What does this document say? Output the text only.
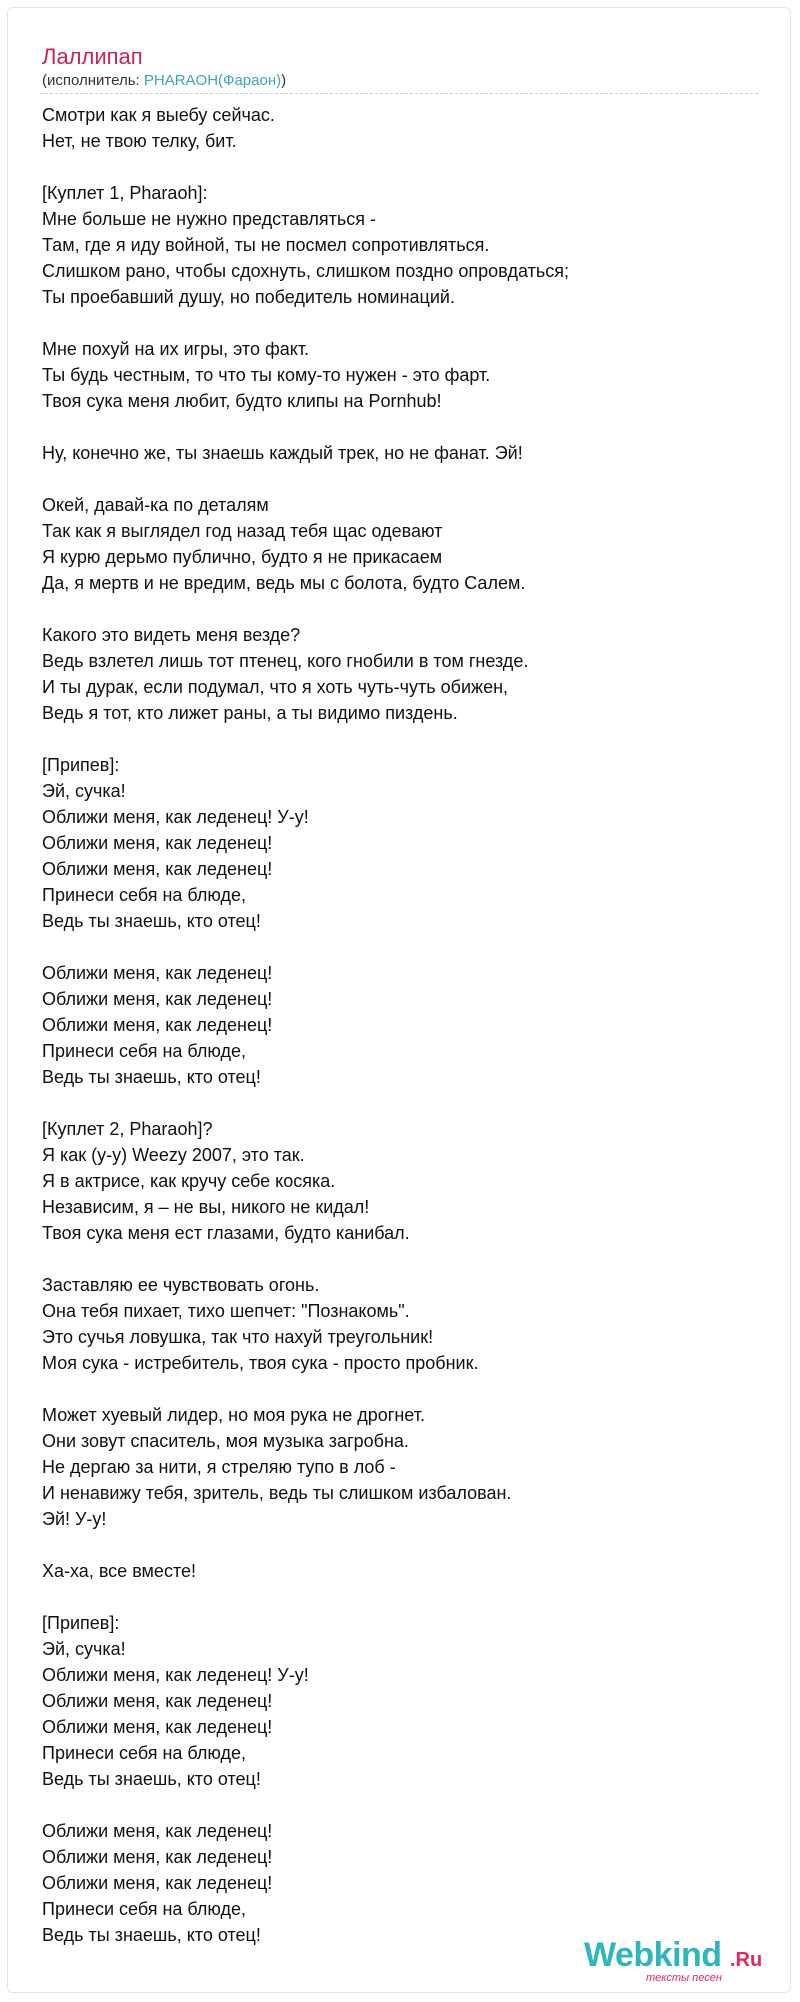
Лаллипап
(исполнитель: PHARAOH(Фараон))
Смотри как я выебу сейчас.
Нет, не твою телку, бит.
[Куплет 1, Pharaoh]:
Мне больше не нужно представляться -
Там, где я иду войной, ты не посмел сопротивляться.
Слишком рано, чтобы сдохнуть, слишком поздно опровдаться;
Ты проебавший душу, но победитель номинаций.
Мне похуй на их игры, это факт.
Ты будь честным, то что ты кому-то нужен - это фарт.
Твоя сука меня любит, будто клипы на Pornhub!
Ну, конечно же, ты знаешь каждый трек, но не фанат. Эй!
Окей, давай-ка по деталям
Так как я выглядел год назад тебя щас одевают
Я курю дерьмо публично, будто я не прикасаем
Да, я мертв и не вредим, ведь мы с болота, будто Салем.
Какого это видеть меня везде?
Ведь взлетел лишь тот птенец, кого гнобили в том гнезде.
И ты дурак, если подумал, что я хоть чуть-чуть обижен,
Ведь я тот, кто лижет раны, а ты видимо пиздень.
[Припев]:
Эй, сучка!
Оближи меня, как леденец! У-у!
Оближи меня, как леденец!
Оближи меня, как леденец!
Принеси себя на блюде,
Ведь ты знаешь, кто отец!
Оближи меня, как леденец!
Оближи меня, как леденец!
Оближи меня, как леденец!
Принеси себя на блюде,
Ведь ты знаешь, кто отец!
[Куплет 2, Pharaoh]?
Я как (у-у) Weezy 2007, это так.
Я в актрисе, как кручу себе косяка.
Независим, я – не вы, никого не кидал!
Твоя сука меня ест глазами, будто канибал.
Заставляю ее чувствовать огонь.
Она тебя пихает, тихо шепчет: "Познакомь".
Это сучья ловушка, так что нахуй треугольник!
Моя сука - истребитель, твоя сука - просто пробник.
Может хуевый лидер, но моя рука не дрогнет.
Они зовут спаситель, моя музыка загробна.
Не дергаю за нити, я стреляю тупо в лоб -
И ненавижу тебя, зритель, ведь ты слишком избалован.
Эй! У-у!
Ха-ха, все вместе!
[Припев]:
Эй, сучка!
Оближи меня, как леденец! У-у!
Оближи меня, как леденец!
Оближи меня, как леденец!
Принеси себя на блюде,
Ведь ты знаешь, кто отец!
Оближи меня, как леденец!
Оближи меня, как леденец!
Оближи меня, как леденец!
Принеси себя на блюде,
Ведь ты знаешь, кто отец!
Webkind .Ru
тексты песен
